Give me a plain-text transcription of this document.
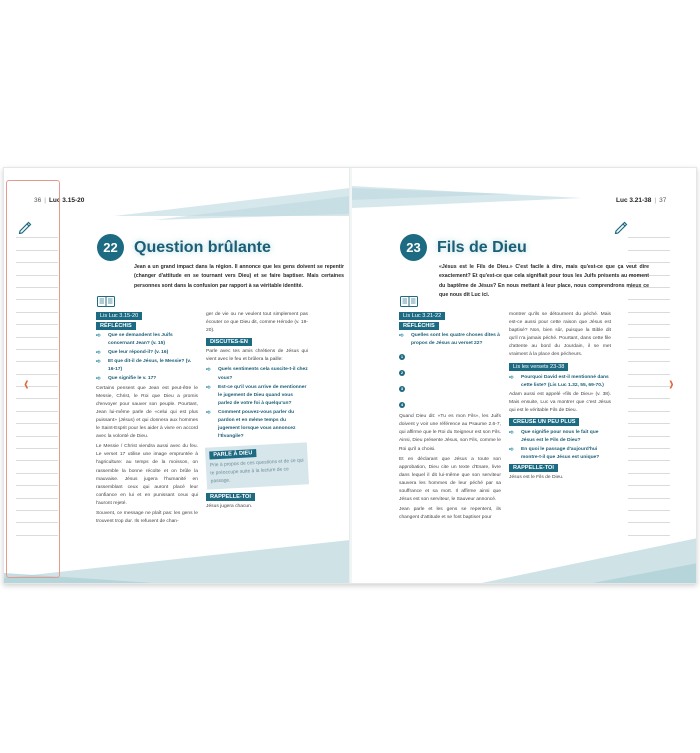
36 | Luc 3.15-20
22	Question brûlante
Jean a un grand impact dans la région. Il annonce que les gens doivent se repentir (changer d'attitude en se tournant vers Dieu) et se faire baptiser. Mais certaines personnes sont dans la confusion par rapport à sa véritable identité.
Lis Luc 3.15-20
RÉFLÉCHIS
➪	Que se demandent les Juifs concernant Jean? (v. 15)
➪	Que leur répond-il? (v. 16)
➪	Et que dit-il de Jésus, le Messie? (v. 16-17)
➪	Que signifie le v. 17?

Certains pensent que Jean est peut-être le Messie, Christ, le Roi que Dieu a promis d'envoyer pour sauver son peuple. Pourtant, Jean lui-même parle de «celui qui est plus puissant» (Jésus) et qui donnera aux hommes le Saint-Esprit pour les aider à vivre en accord avec la volonté de Dieu.

Le Messie / Christ viendra aussi avec du feu. Le verset 17 utilise une image empruntée à l'agriculture: au temps de la moisson, on rassemble la bonne récolte et on brûle la mauvaise. Jésus jugera l'humanité en rassemblant ceux qui auront placé leur confiance en lui et en punissant ceux qui l'auront rejeté.

Souvent, ce message ne plaît pas: les gens le trouvent trop dur. Ils refusent de chan-

ger de vie ou ne veulent tout simplement pas écouter ce que Dieu dit, comme Hérode (v. 19-20).

DISCUTES-EN

Parle avec tes amis chrétiens de Jésus qui vient avec le feu et brûlera la paille:

➪	Quels sentiments cela suscite-t-il chez vous?
➪	Est-ce qu'il vous arrive de mentionner le jugement de Dieu quand vous parlez de votre foi à quelqu'un?
➪	Comment pouvez-vous parler du pardon et en même temps du jugement lorsque vous annoncez l'Évangile?
PARLE À DIEU
Prie à propos de ces questions et de ce qui te préoccupe suite à la lecture de ce passage.
RAPPELLE-TOI

Jésus jugera chacun.

Luc 3.21-38 | 37
23	Fils de Dieu
«Jésus est le Fils de Dieu.» C'est facile à dire, mais qu'est-ce que ça veut dire exactement? Et qu'est-ce que cela signifiait pour tous les Juifs présents au moment du baptême de Jésus? En nous mettant à leur place, nous comprendrons mieux ce que nous dit Luc ici.
Lis Luc 3.21-22
RÉFLÉCHIS
➪	Quelles sont les quatre choses dites à propos de Jésus au verset 22?
1
2
3
4

Quand Dieu dit: «Tu es mon Fils», les Juifs doivent y voir une référence au Psaume 2.6-7, qui affirme que le Roi du Seigneur est son Fils. Ainsi, Dieu présente Jésus, son Fils, comme le Roi qu'il a choisi.

Et en déclarant que Jésus a toute son approbation, Dieu cite un texte d'Esaïe, livre dans lequel il dit lui-même que son serviteur sauvera les hommes de leur péché par sa souffrance et sa mort. Il affirme ainsi que Jésus est son serviteur, le Sauveur annoncé.

Jean parle et les gens se repentent, ils changent d'attitude et se font baptiser pour

montrer qu'ils se détournent du péché. Mais est-ce aussi pour cette raison que Jésus est baptisé? Non, bien sûr, puisque la Bible dit qu'il n'a jamais péché. Pourtant, dans cette file d'attente au bord du Jourdain, il se met vraiment à la place des pécheurs.

Lis les versets 23-38
➪	Pourquoi David est-il mentionné dans cette liste? (Lis Luc 1.32, 55, 69-70.)

Adam aussi est appelé «fils de Dieu» (v. 38). Mais ensuite, Luc va montrer que c'est Jésus qui est le véritable Fils de Dieu.

CREUSE UN PEU PLUS
➪	Que signifie pour nous le fait que Jésus est le Fils de Dieu?
➪	En quoi le passage d'aujourd'hui montre-t-il que Jésus est unique?
RAPPELLE-TOI

Jésus est le Fils de Dieu.

‹	›
